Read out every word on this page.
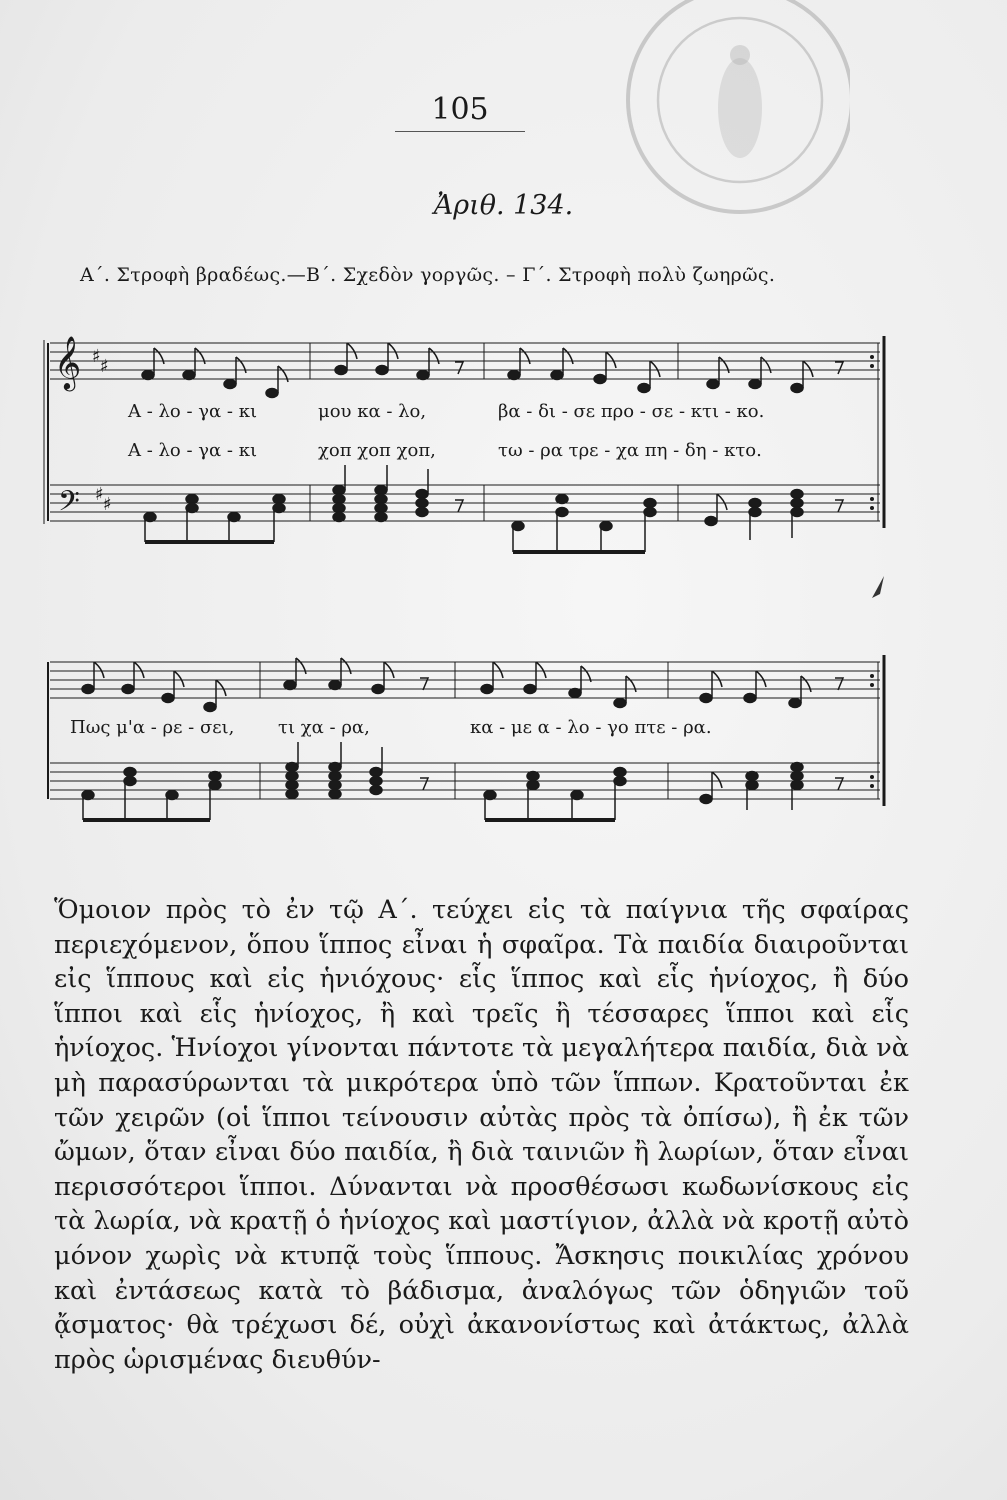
105
Ἀριθ. 134.
Α΄. Στροφὴ βραδέως.—Β΄. Σχεδὸν γοργῶς. – Γ΄. Στροφὴ πολὺ ζωηρῶς.
𝄞
𝄢
♯ ♯
♯ ♯
Α - λο - γα - κι	μου κα - λο,	βα - δι - σε προ - σε - κτι - κο.
Α - λο - γα - κι	χοπ χοπ χοπ,	τω - ρα τρε - χα πη - δη - κτο.
Πως μ'α - ρε - σει, τι χα - ρα,	κα - με α - λο - γο πτε - ρα.

Ὅμοιον πρὸς τὸ ἐν τῷ Α΄. τεύχει εἰς τὰ παίγνια τῆς σφαίρας περιεχόμενον, ὅπου ἵππος εἶναι ἡ σφαῖρα. Τὰ παιδία διαιροῦνται εἰς ἵππους καὶ εἰς ἡνιόχους· εἷς ἵππος καὶ εἷς ἡνίοχος, ἢ δύο ἵπποι καὶ εἷς ἡνίοχος, ἢ καὶ τρεῖς ἢ τέσσαρες ἵπποι καὶ εἷς ἡνίοχος. Ἡνίοχοι γίνονται πάντοτε τὰ μεγαλήτερα παιδία, διὰ νὰ μὴ παρασύρωνται τὰ μικρότερα ὑπὸ τῶν ἵππων. Κρατοῦνται ἐκ τῶν χειρῶν (οἱ ἵπποι τείνουσιν αὐτὰς πρὸς τὰ ὀπίσω), ἢ ἐκ τῶν ὤμων, ὅταν εἶναι δύο παιδία, ἢ διὰ ταινιῶν ἢ λωρίων, ὅταν εἶναι περισσότεροι ἵπποι. Δύνανται νὰ προσθέσωσι κωδωνίσκους εἰς τὰ λωρία, νὰ κρατῇ ὁ ἡνίοχος καὶ μαστίγιον, ἀλλὰ νὰ κροτῇ αὐτὸ μόνον χωρὶς νὰ κτυπᾷ τοὺς ἵππους. Ἄσκησις ποικιλίας χρόνου καὶ ἐντάσεως κατὰ τὸ βάδισμα, ἀναλόγως τῶν ὁδηγιῶν τοῦ ᾄσματος· θὰ τρέχωσι δέ, οὐχὶ ἀκανονίστως καὶ ἀτάκτως, ἀλλὰ πρὸς ὡρισμένας διευθύν-
